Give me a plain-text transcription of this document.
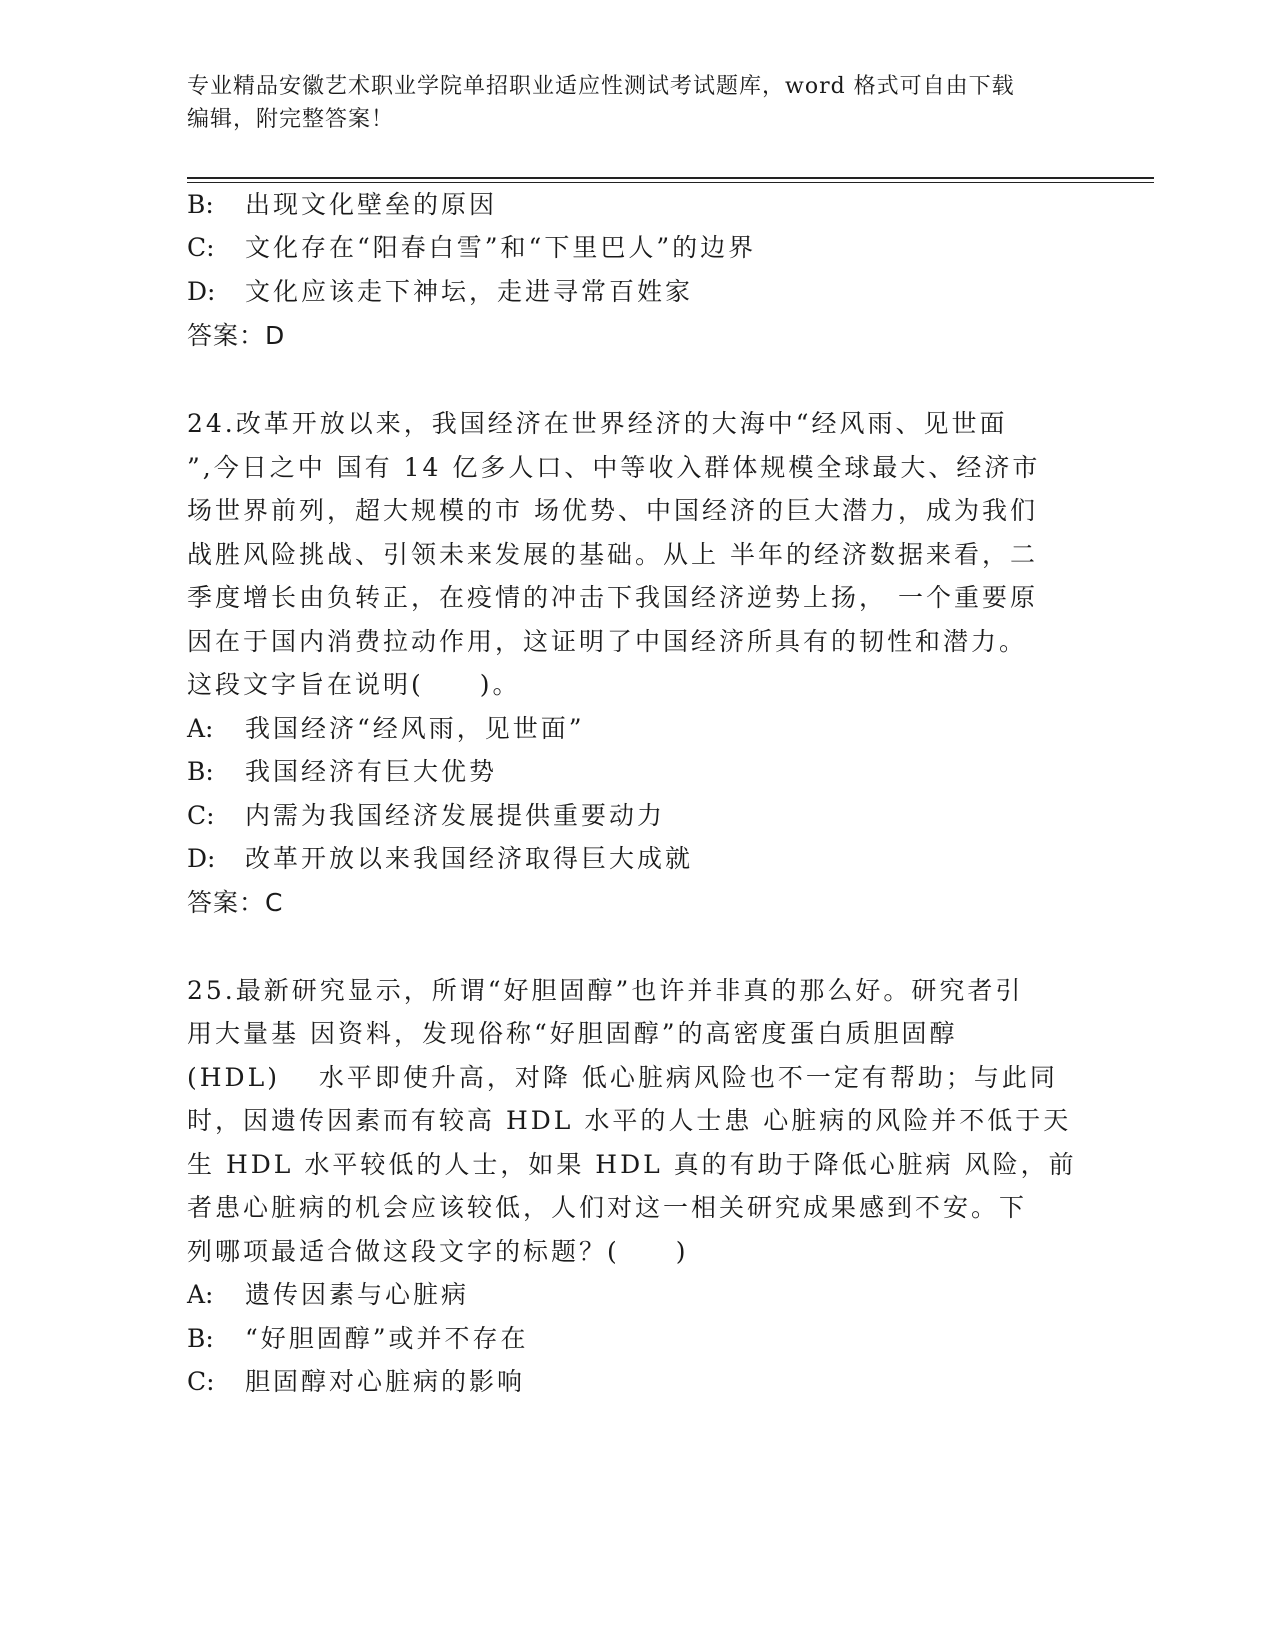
专业精品安徽艺术职业学院单招职业适应性测试考试题库，word 格式可自由下载
编辑，附完整答案！
B: 出现文化壁垒的原因
C: 文化存在“阳春白雪”和“下里巴人”的边界
D: 文化应该走下神坛，走进寻常百姓家
答案：D
24.改革开放以来，我国经济在世界经济的大海中“经风雨、见世面
”,今日之中 国有 14 亿多人口、中等收入群体规模全球最大、经济市
场世界前列，超大规模的市 场优势、中国经济的巨大潜力，成为我们
战胜风险挑战、引领未来发展的基础。从上 半年的经济数据来看，二
季度增长由负转正，在疫情的冲击下我国经济逆势上扬， 一个重要原
因在于国内消费拉动作用，这证明了中国经济所具有的韧性和潜力。
这段文字旨在说明(　　)。
A: 我国经济“经风雨，见世面”
B: 我国经济有巨大优势
C: 内需为我国经济发展提供重要动力
D: 改革开放以来我国经济取得巨大成就
答案：C
25.最新研究显示，所谓“好胆固醇”也许并非真的那么好。研究者引
用大量基 因资料，发现俗称“好胆固醇”的高密度蛋白质胆固醇
(HDL)　 水平即使升高，对降 低心脏病风险也不一定有帮助；与此同
时，因遗传因素而有较高 HDL 水平的人士患 心脏病的风险并不低于天
生 HDL 水平较低的人士，如果 HDL 真的有助于降低心脏病 风险，前
者患心脏病的机会应该较低，人们对这一相关研究成果感到不安。下
列哪项最适合做这段文字的标题？(　　)
A: 遗传因素与心脏病
B: “好胆固醇”或并不存在
C: 胆固醇对心脏病的影响
